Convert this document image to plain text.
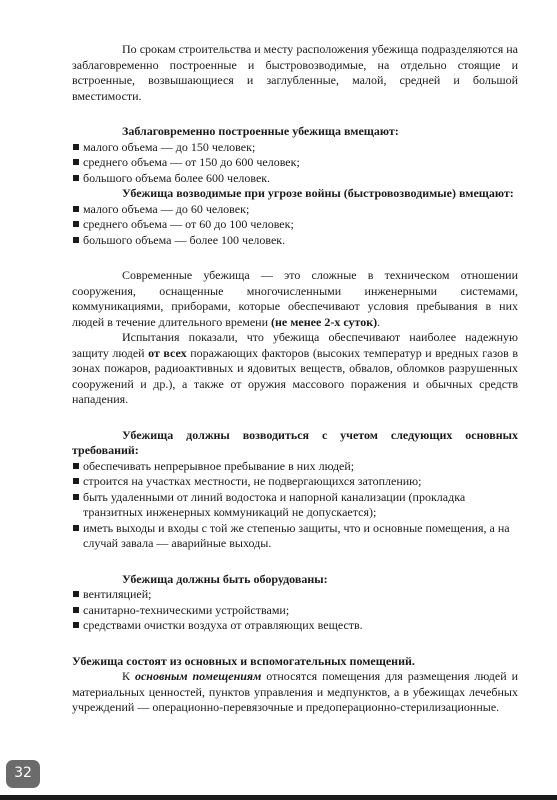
По срокам строительства и месту расположения убежища подразделяются на заблаговременно построенные и быстровозводимые, на отдельно стоящие и встроенные, возвышающиеся и заглубленные, малой, средней и большой вместимости.

Заблаговременно построенные убежища вмещают:

малого объема — до 150 человек;
среднего объема — от 150 до 600 человек;
большого объема более 600 человек.

Убежища возводимые при угрозе войны (быстровозводимые) вмещают:

малого объема — до 60 человек;
среднего объема — от 60 до 100 человек;
большого объема — более 100 человек.

Современные убежища — это сложные в техническом отношении сооружения, оснащенные многочисленными инженерными системами, коммуникациями, приборами, которые обеспечивают условия пребывания в них людей в течение длительного времени (не менее 2-х суток).

Испытания показали, что убежища обеспечивают наиболее надежную защиту людей от всех поражающих факторов (высоких температур и вредных газов в зонах пожаров, радиоактивных и ядовитых веществ, обвалов, обломков разрушенных сооружений и др.), а также от оружия массового поражения и обычных средств нападения.

Убежища должны возводиться с учетом следующих основных требований:

обеспечивать непрерывное пребывание в них людей;
строится на участках местности, не подвергающихся затоплению;
быть удаленными от линий водостока и напорной канализации (прокладка транзитных инженерных коммуникаций не допускается);
иметь выходы и входы с той же степенью защиты, что и основные помещения, а на случай завала — аварийные выходы.

Убежища должны быть оборудованы:

вентиляцией;
санитарно-техническими устройствами;
средствами очистки воздуха от отравляющих веществ.

Убежища состоят из основных и вспомогательных помещений.

К основным помещениям относятся помещения для размещения людей и материальных ценностей, пунктов управления и медпунктов, а в убежищах лечебных учреждений — операционно-перевязочные и предоперационно-стерилизационные.

32
